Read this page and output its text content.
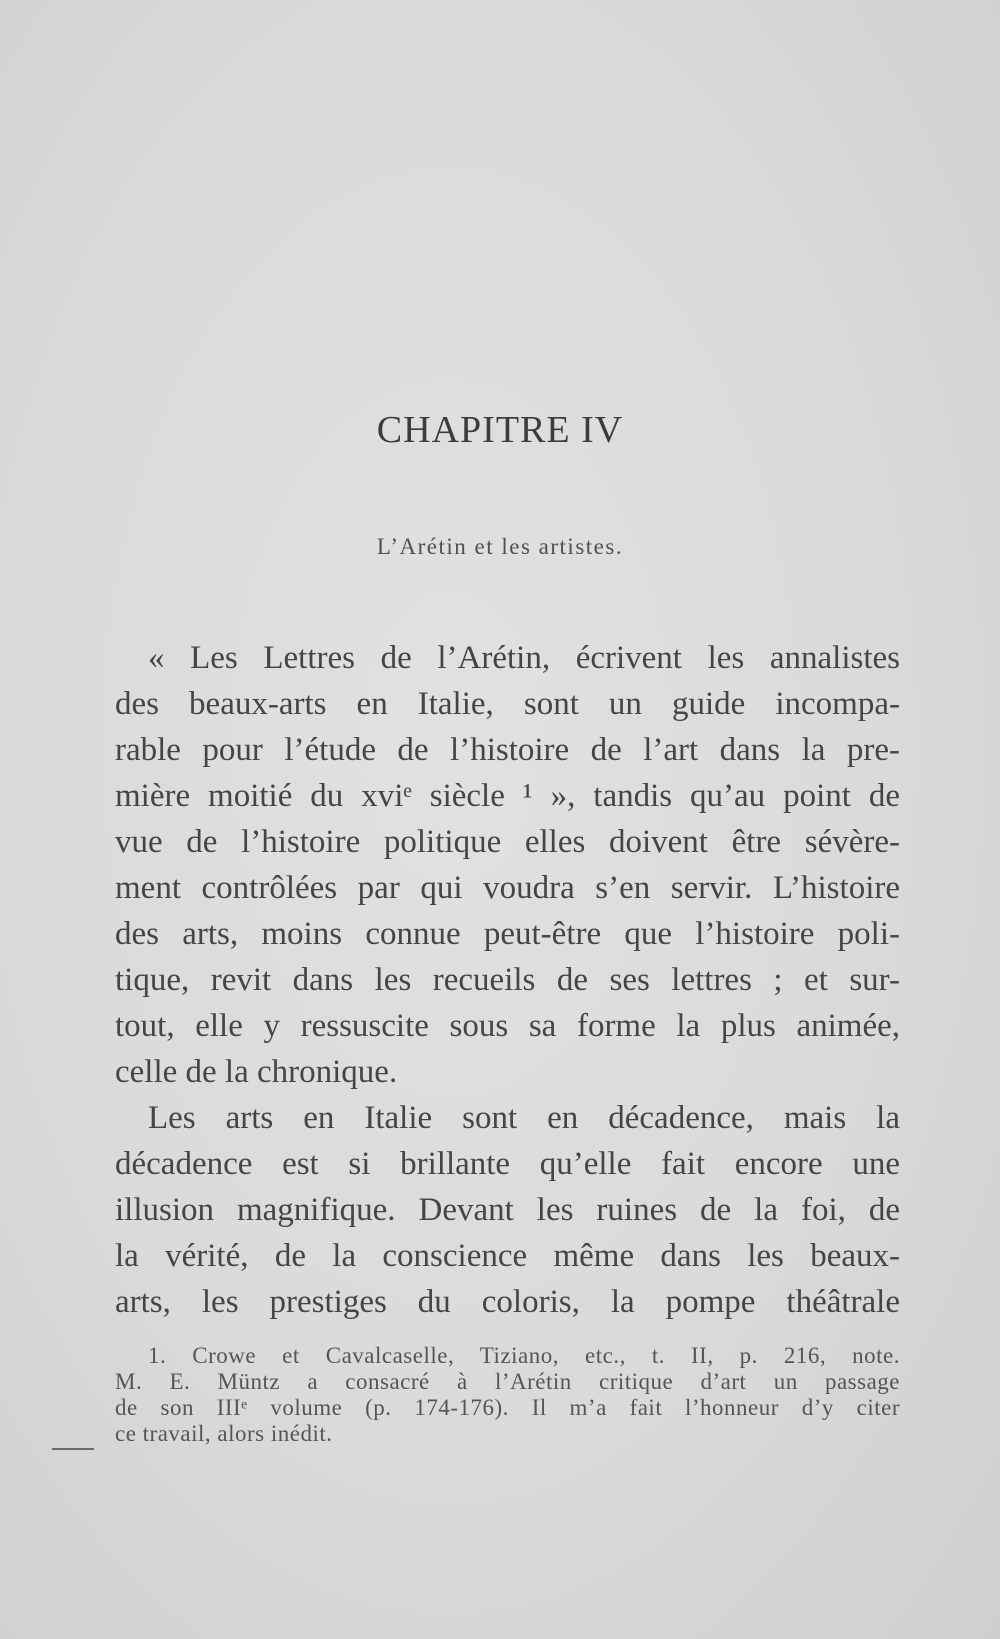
CHAPITRE IV
L’Arétin et les artistes.
« Les Lettres de l’Arétin, écrivent les annalistes
des beaux-arts en Italie, sont un guide incompa-
rable pour l’étude de l’histoire de l’art dans la pre-
mière moitié du xviᵉ siècle ¹ », tandis qu’au point de
vue de l’histoire politique elles doivent être sévère-
ment contrôlées par qui voudra s’en servir. L’histoire
des arts, moins connue peut-être que l’histoire poli-
tique, revit dans les recueils de ses lettres ; et sur-
tout, elle y ressuscite sous sa forme la plus animée,
celle de la chronique.
Les arts en Italie sont en décadence, mais la
décadence est si brillante qu’elle fait encore une
illusion magnifique. Devant les ruines de la foi, de
la vérité, de la conscience même dans les beaux-
arts, les prestiges du coloris, la pompe théâtrale
1. Crowe et Cavalcaselle, Tiziano, etc., t. II, p. 216, note.
M. E. Müntz a consacré à l’Arétin critique d’art un passage
de son IIIᵉ volume (p. 174-176). Il m’a fait l’honneur d’y citer
ce travail, alors inédit.
